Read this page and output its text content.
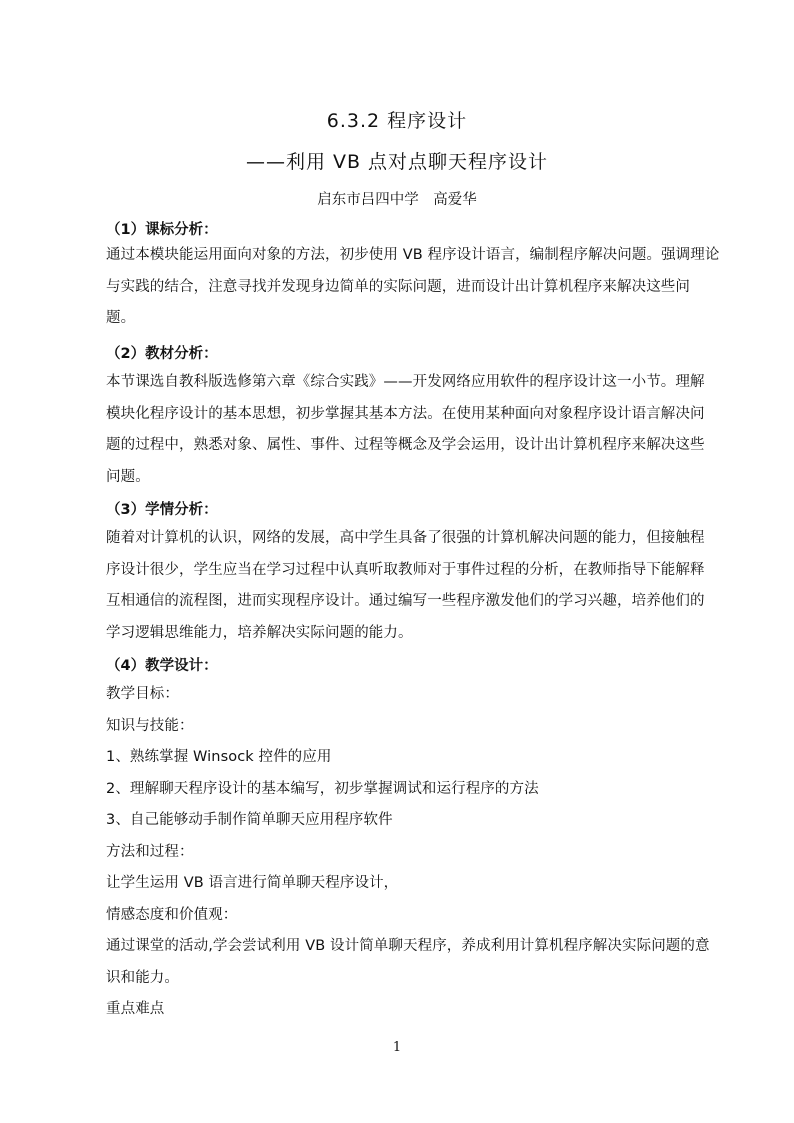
6.3.2 程序设计
——利用 VB 点对点聊天程序设计
启东市吕四中学　高爱华
（1）课标分析：
通过本模块能运用面向对象的方法，初步使用 VB 程序设计语言，编制程序解决问题。强调理论
与实践的结合，注意寻找并发现身边简单的实际问题，进而设计出计算机程序来解决这些问
题。
（2）教材分析：
本节课选自教科版选修第六章《综合实践》——开发网络应用软件的程序设计这一小节。理解
模块化程序设计的基本思想，初步掌握其基本方法。在使用某种面向对象程序设计语言解决问
题的过程中，熟悉对象、属性、事件、过程等概念及学会运用，设计出计算机程序来解决这些
问题。
（3）学情分析：
随着对计算机的认识，网络的发展，高中学生具备了很强的计算机解决问题的能力，但接触程
序设计很少，学生应当在学习过程中认真听取教师对于事件过程的分析，在教师指导下能解释
互相通信的流程图，进而实现程序设计。通过编写一些程序激发他们的学习兴趣，培养他们的
学习逻辑思维能力，培养解决实际问题的能力。
（4）教学设计：
教学目标：
知识与技能：
1、熟练掌握 Winsock 控件的应用
2、理解聊天程序设计的基本编写，初步掌握调试和运行程序的方法
3、自己能够动手制作简单聊天应用程序软件
方法和过程：
让学生运用 VB 语言进行简单聊天程序设计，
情感态度和价值观：
通过课堂的活动,学会尝试利用 VB 设计简单聊天程序，养成利用计算机程序解决实际问题的意
识和能力。
重点难点
1
